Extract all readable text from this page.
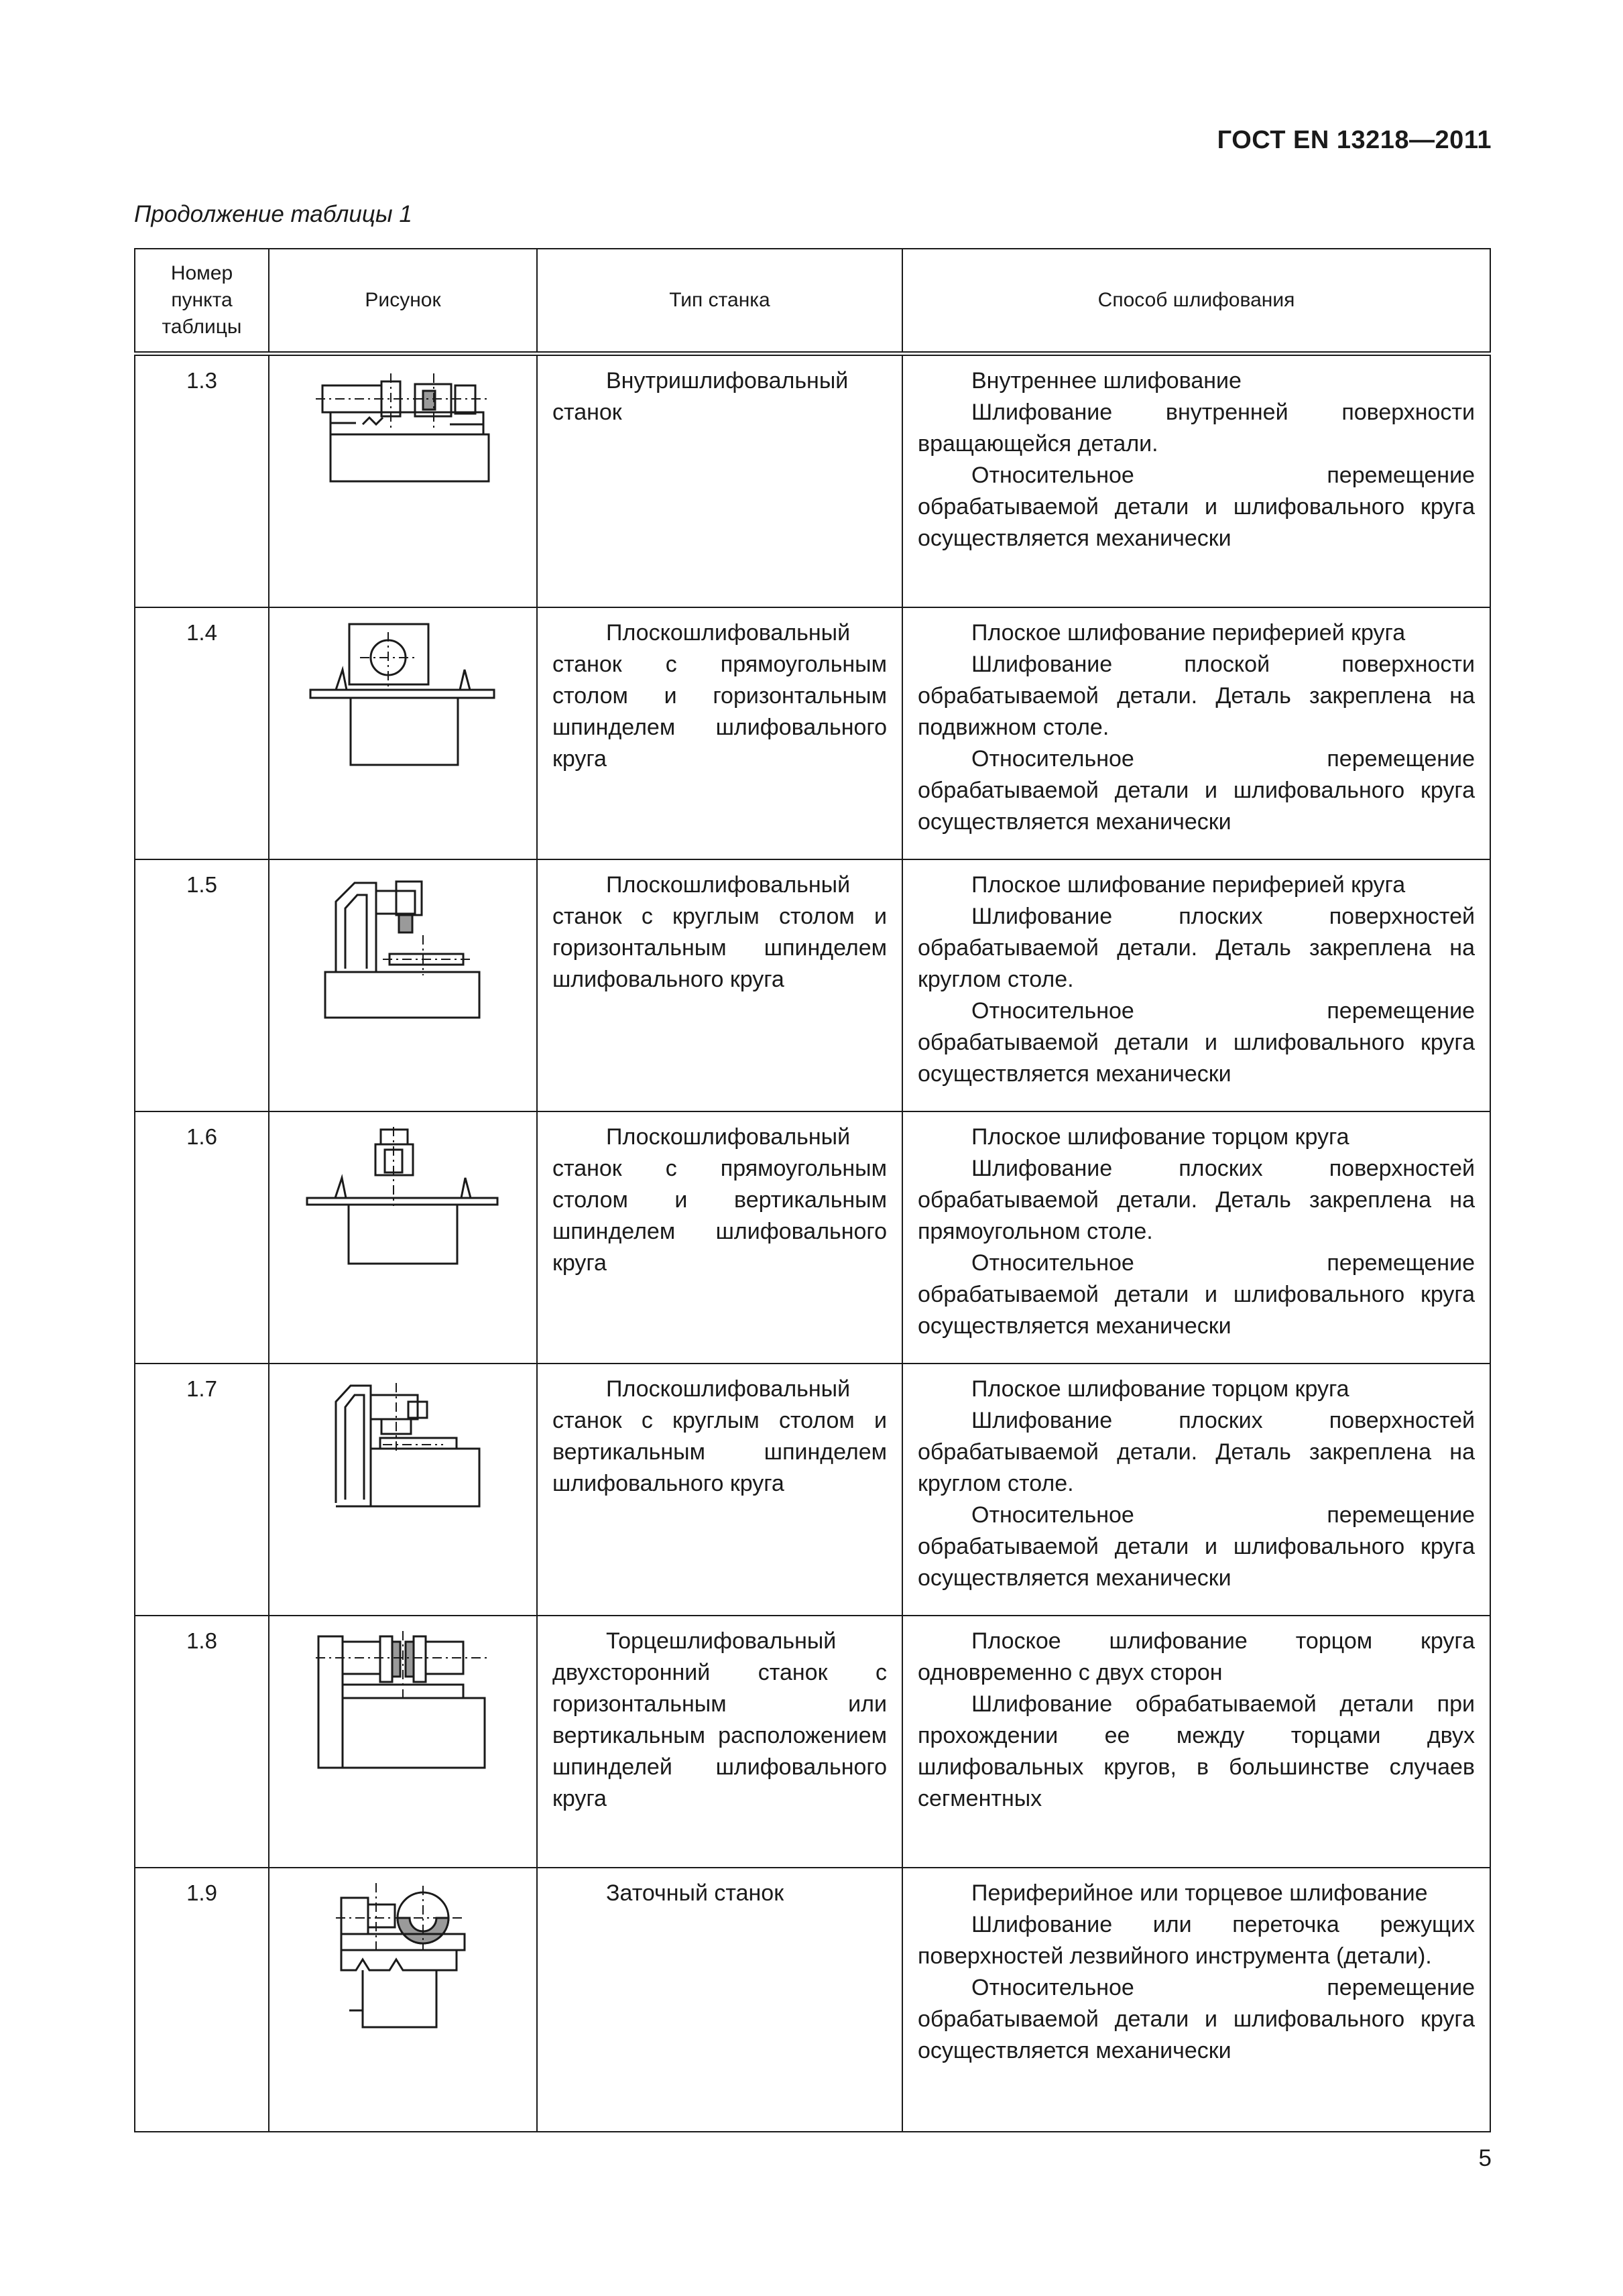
ГОСТ EN 13218—2011
Продолжение таблицы 1
Номер пункта таблицы	Рисунок	Тип станка	Способ шлифования
1.3		Внутришлифовальный станок	Внутреннее шлифование

Шлифование внутренней поверхности вращающейся детали.

Относительное перемещение обрабатываемой детали и шлифовального круга осуществляется механически

1.4		Плоскошлифовальный станок с прямоугольным столом и горизонтальным шпинделем шлифовального круга	Плоское шлифование периферией круга

Шлифование плоской поверхности обрабатываемой детали. Деталь закреплена на подвижном столе.

Относительное перемещение обрабатываемой детали и шлифовального круга осуществляется механически

1.5		Плоскошлифовальный станок с круглым столом и горизонтальным шпинделем шлифовального круга	Плоское шлифование периферией круга

Шлифование плоских поверхностей обрабатываемой детали. Деталь закреплена на круглом столе.

Относительное перемещение обрабатываемой детали и шлифовального круга осуществляется механически

1.6		Плоскошлифовальный станок с прямоугольным столом и вертикальным шпинделем шлифовального круга	Плоское шлифование торцом круга

Шлифование плоских поверхностей обрабатываемой детали. Деталь закреплена на прямоугольном столе.

Относительное перемещение обрабатываемой детали и шлифовального круга осуществляется механически

1.7		Плоскошлифовальный станок с круглым столом и вертикальным шпинделем шлифовального круга	Плоское шлифование торцом круга

Шлифование плоских поверхностей обрабатываемой детали. Деталь закреплена на круглом столе.

Относительное перемещение обрабатываемой детали и шлифовального круга осуществляется механически

1.8		Торцешлифовальный двухсторонний станок с горизонтальным или вертикальным расположением шпинделей шлифовального круга	Плоское шлифование торцом круга одновременно с двух сторон

Шлифование обрабатываемой детали при прохождении ее между торцами двух шлифовальных кругов, в большинстве случаев сегментных

1.9		Заточный станок	Периферийное или торцевое шлифование

Шлифование или переточка режущих поверхностей лезвийного инструмента (детали).

Относительное перемещение обрабатываемой детали и шлифовального круга осуществляется механически

5
